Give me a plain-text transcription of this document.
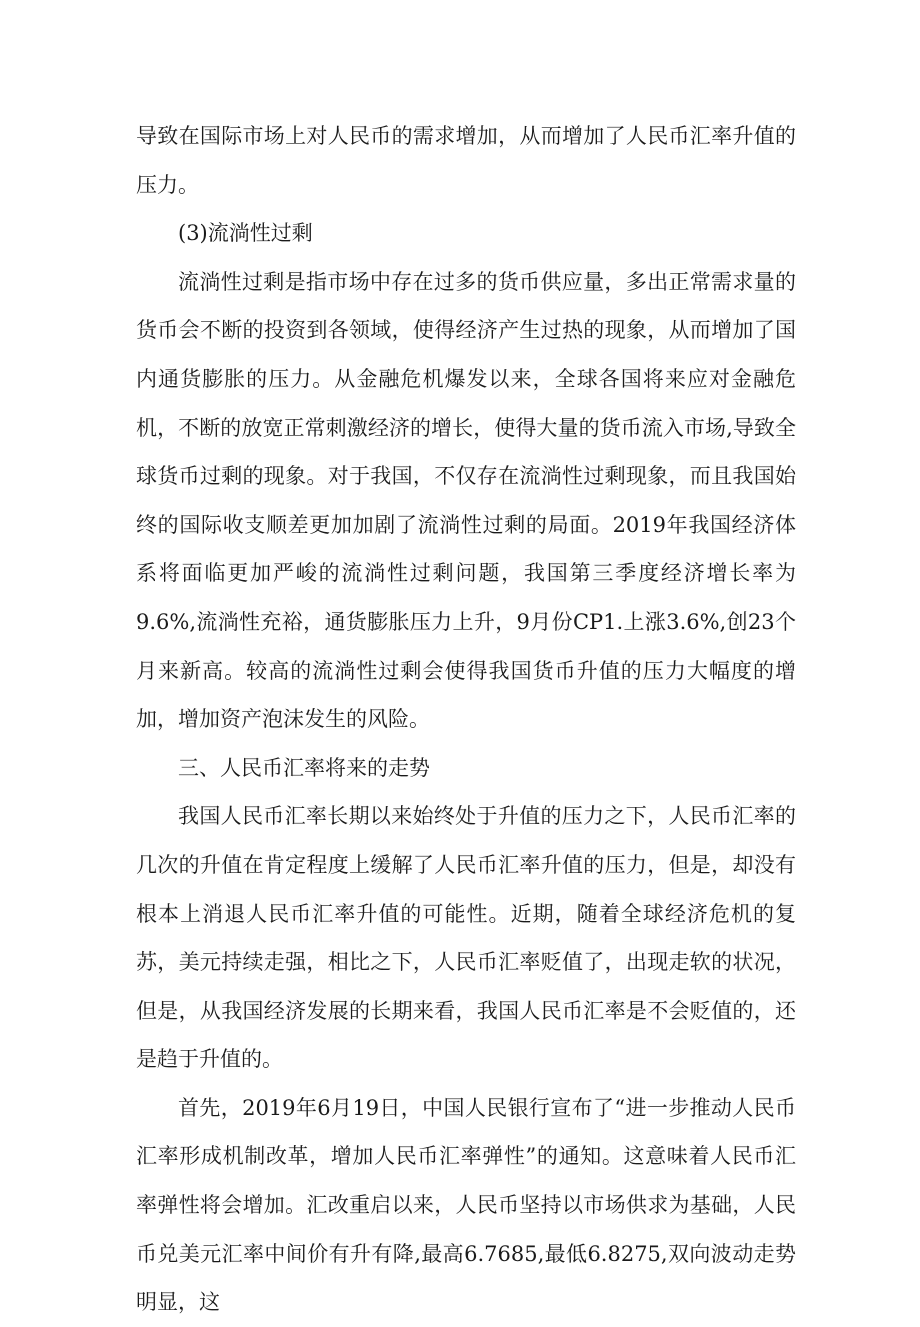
导致在国际市场上对人民币的需求增加，从而增加了人民币汇率升值的压力。

(3)流淌性过剩

流淌性过剩是指市场中存在过多的货币供应量，多出正常需求量的货币会不断的投资到各领域，使得经济产生过热的现象，从而增加了国内通货膨胀的压力。从金融危机爆发以来，全球各国将来应对金融危机，不断的放宽正常刺激经济的增长，使得大量的货币流入市场,导致全球货币过剩的现象。对于我国，不仅存在流淌性过剩现象，而且我国始终的国际收支顺差更加加剧了流淌性过剩的局面。2019年我国经济体系将面临更加严峻的流淌性过剩问题，我国第三季度经济增长率为9.6%,流淌性充裕，通货膨胀压力上升，9月份CP1.上涨3.6%,创23个月来新高。较高的流淌性过剩会使得我国货币升值的压力大幅度的增加，增加资产泡沫发生的风险。

三、人民币汇率将来的走势

我国人民币汇率长期以来始终处于升值的压力之下，人民币汇率的几次的升值在肯定程度上缓解了人民币汇率升值的压力，但是，却没有根本上消退人民币汇率升值的可能性。近期，随着全球经济危机的复苏，美元持续走强，相比之下，人民币汇率贬值了，出现走软的状况，但是，从我国经济发展的长期来看，我国人民币汇率是不会贬值的，还是趋于升值的。

首先，2019年6月19日，中国人民银行宣布了“进一步推动人民币汇率形成机制改革，增加人民币汇率弹性”的通知。这意味着人民币汇率弹性将会增加。汇改重启以来，人民币坚持以市场供求为基础，人民币兑美元汇率中间价有升有降,最高6.7685,最低6.8275,双向波动走势明显，这
